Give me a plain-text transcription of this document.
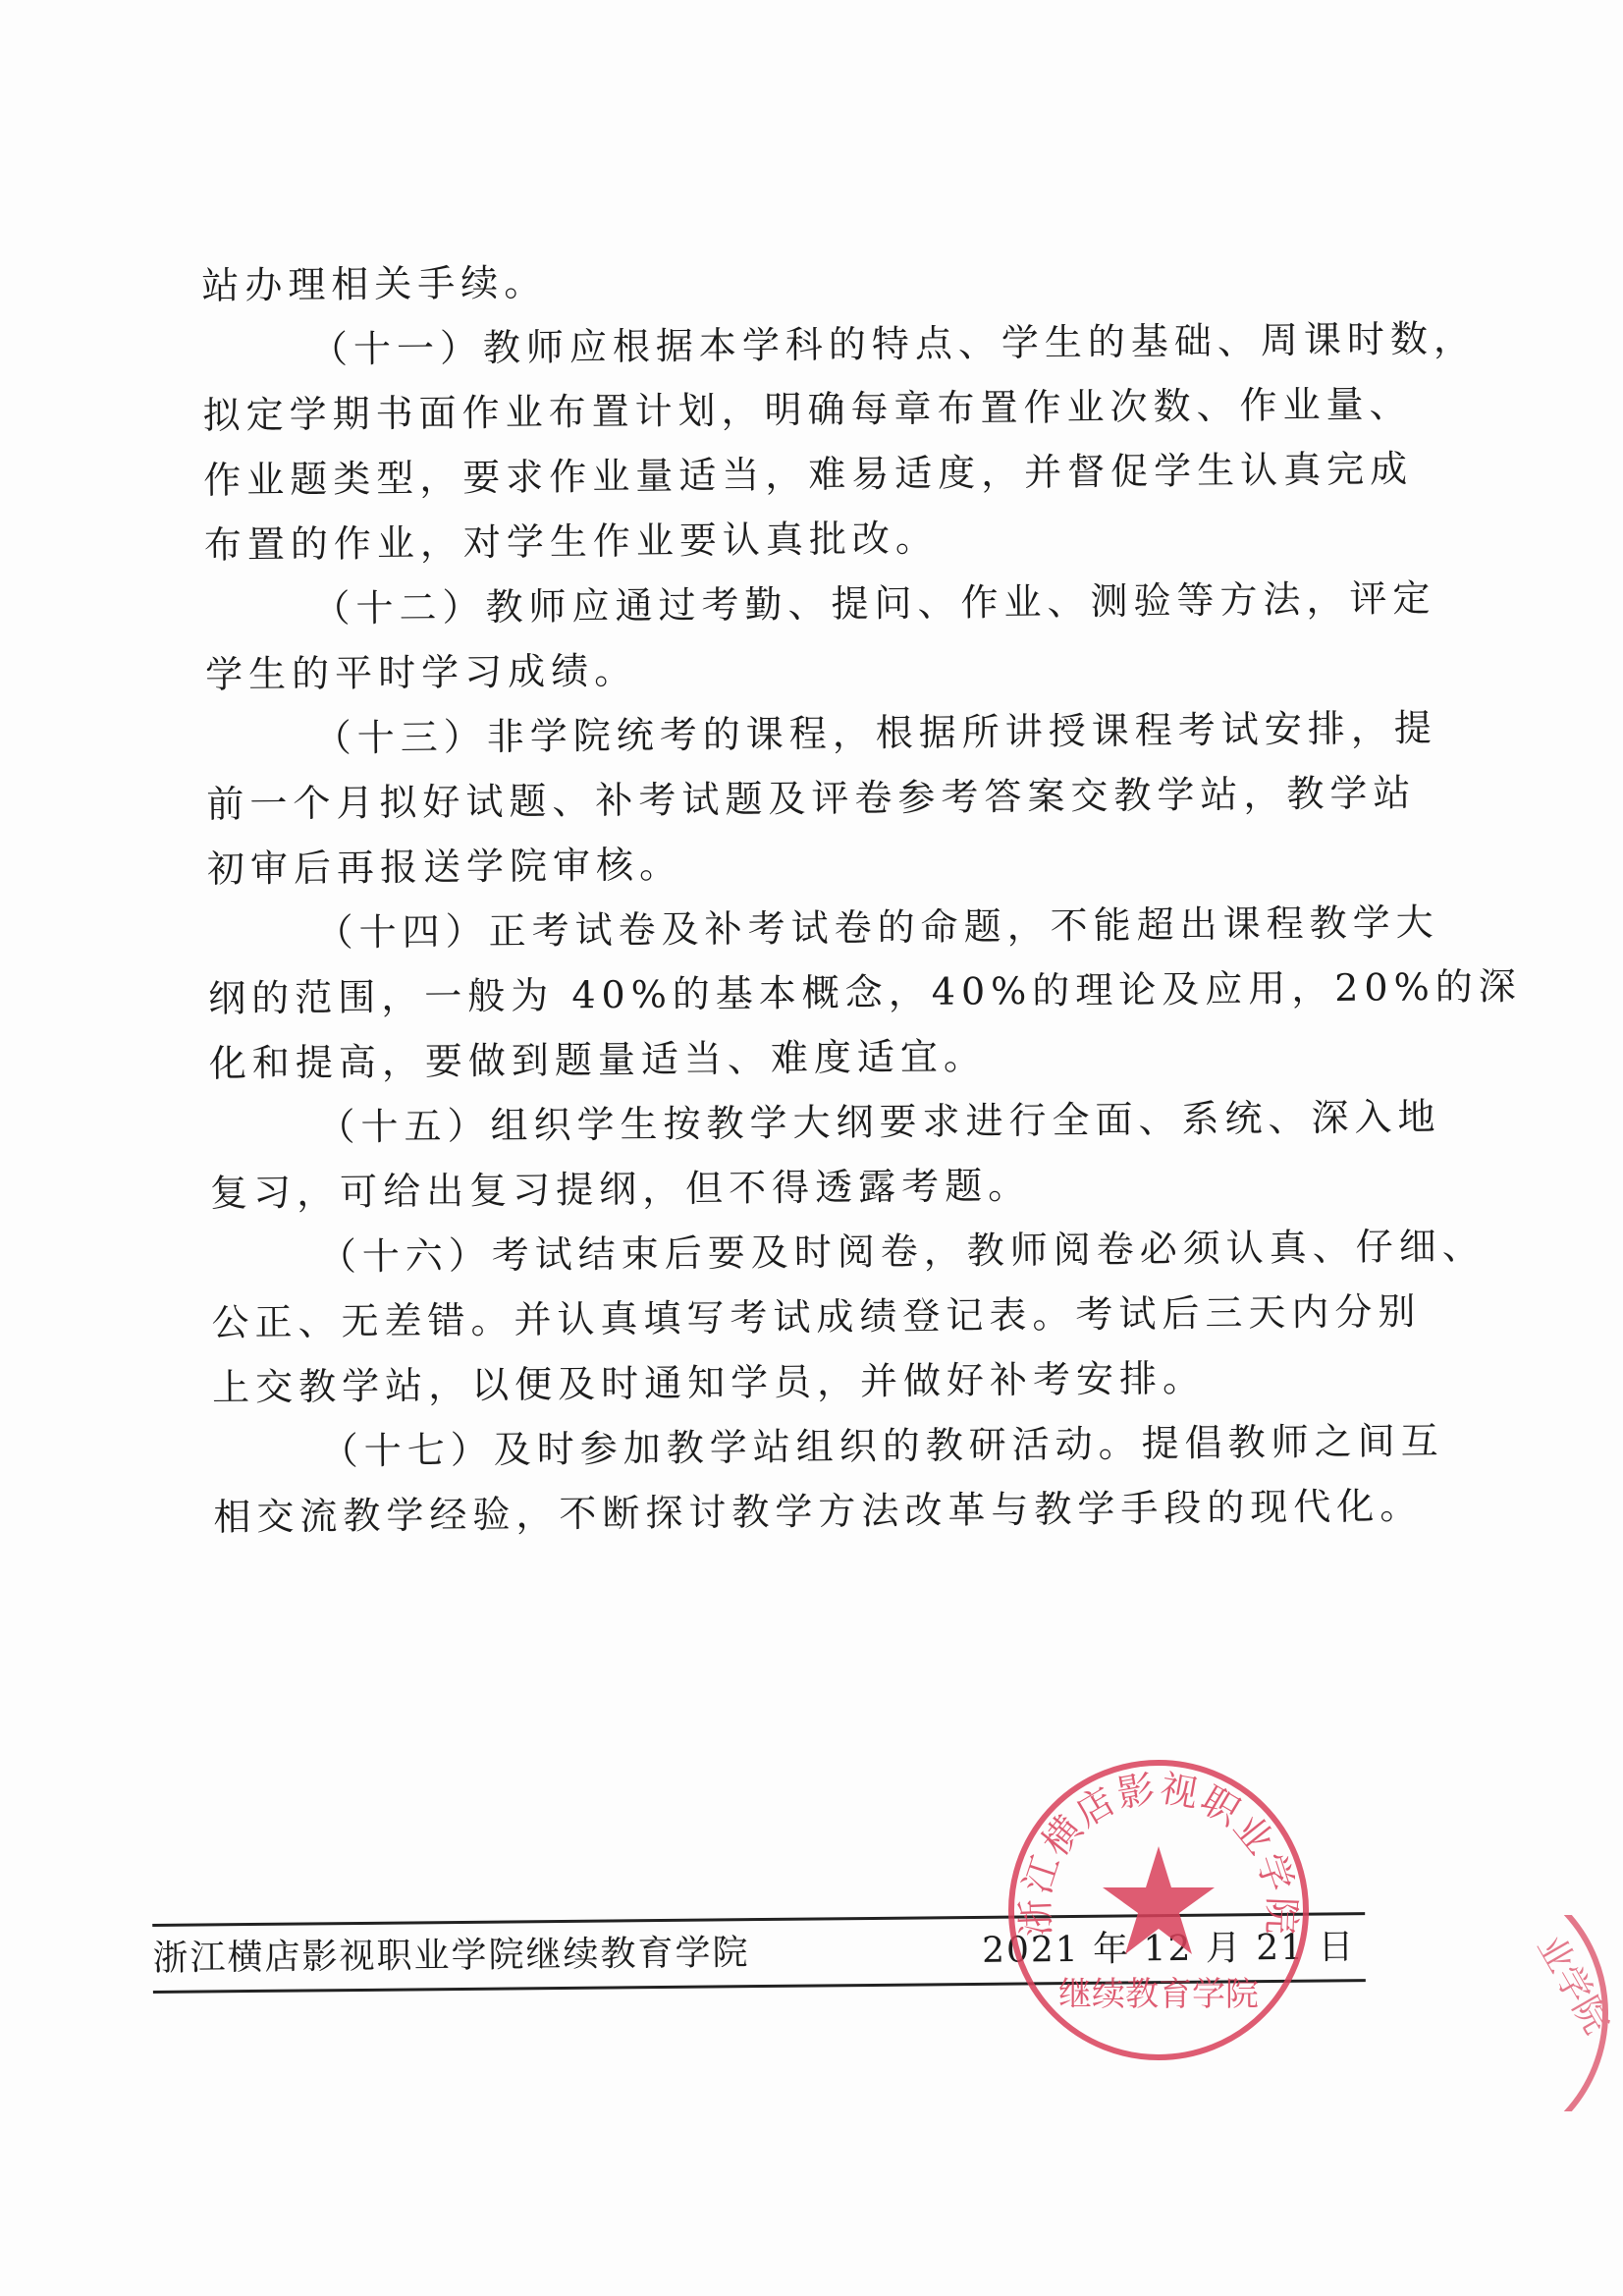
站办理相关手续。
（十一）教师应根据本学科的特点、学生的基础、周课时数，
拟定学期书面作业布置计划，明确每章布置作业次数、作业量、
作业题类型，要求作业量适当，难易适度，并督促学生认真完成
布置的作业，对学生作业要认真批改。
（十二）教师应通过考勤、提问、作业、测验等方法，评定
学生的平时学习成绩。
（十三）非学院统考的课程，根据所讲授课程考试安排，提
前一个月拟好试题、补考试题及评卷参考答案交教学站，教学站
初审后再报送学院审核。
（十四）正考试卷及补考试卷的命题，不能超出课程教学大
纲的范围，一般为 40%的基本概念，40%的理论及应用，20%的深
化和提高，要做到题量适当、难度适宜。
（十五）组织学生按教学大纲要求进行全面、系统、深入地
复习，可给出复习提纲，但不得透露考题。
（十六）考试结束后要及时阅卷，教师阅卷必须认真、仔细、
公正、无差错。并认真填写考试成绩登记表。考试后三天内分别
上交教学站，以便及时通知学员，并做好补考安排。
（十七）及时参加教学站组织的教研活动。提倡教师之间互
相交流教学经验，不断探讨教学方法改革与教学手段的现代化。
浙江横店影视职业学院继续教育学院	2021 年 12 月 21 日
浙江横店影视职业学院
继续教育学院	业学院
